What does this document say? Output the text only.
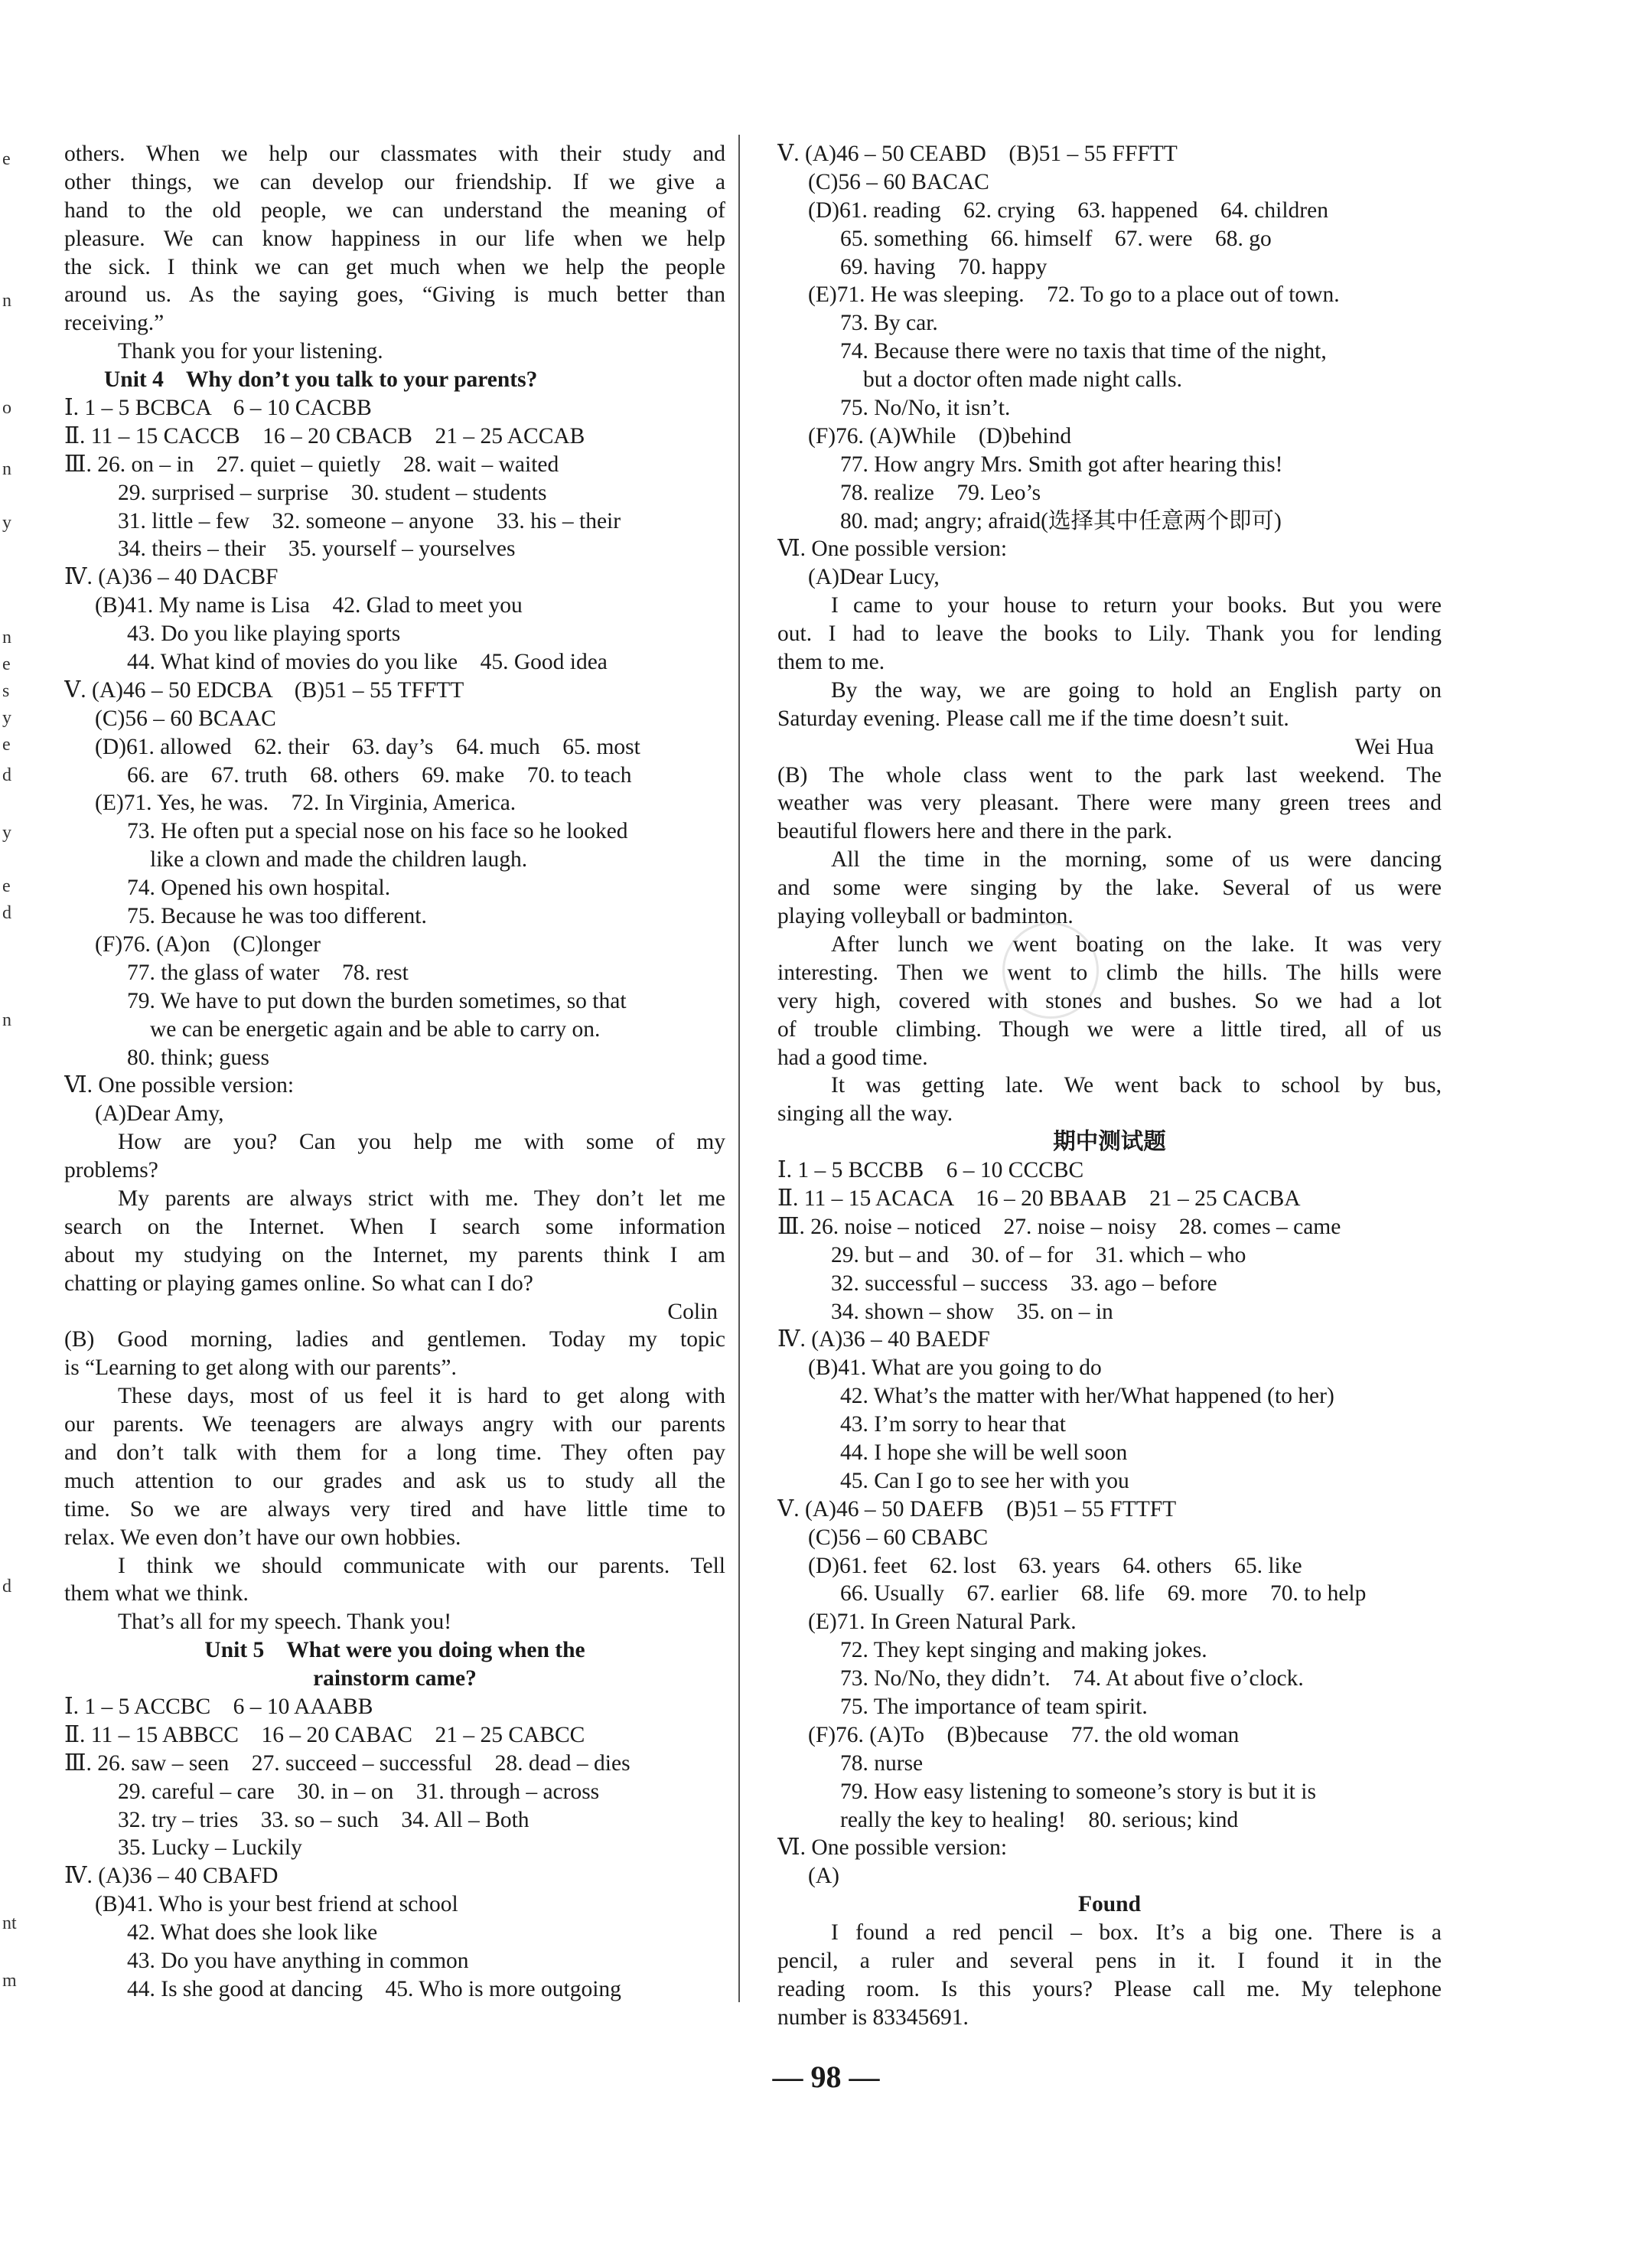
e
n
o
n
y
n
e
s
y
e
d
y
e
d
n
d
nt
m
others. When we help our classmates with their study and
other things, we can develop our friendship. If we give a
hand to the old people, we can understand the meaning of
pleasure. We can know happiness in our life when we help
the sick. I think we can get much when we help the people
around us. As the saying goes, “Giving is much better than
receiving.”
Thank you for your listening.
Unit 4    Why don’t you talk to your parents?
Ⅰ. 1 – 5 BCBCA    6 – 10 CACBB
Ⅱ. 11 – 15 CACCB    16 – 20 CBACB    21 – 25 ACCAB
Ⅲ. 26. on – in    27. quiet – quietly    28. wait – waited
29. surprised – surprise    30. student – students
31. little – few    32. someone – anyone    33. his – their
34. theirs – their    35. yourself – yourselves
Ⅳ. (A)36 – 40 DACBF
(B)41. My name is Lisa    42. Glad to meet you
43. Do you like playing sports
44. What kind of movies do you like    45. Good idea
Ⅴ. (A)46 – 50 EDCBA    (B)51 – 55 TFFTT
(C)56 – 60 BCAAC
(D)61. allowed    62. their    63. day’s    64. much    65. most
66. are    67. truth    68. others    69. make    70. to teach
(E)71. Yes, he was.    72. In Virginia, America.
73. He often put a special nose on his face so he looked
like a clown and made the children laugh.
74. Opened his own hospital.
75. Because he was too different.
(F)76. (A)on    (C)longer
77. the glass of water    78. rest
79. We have to put down the burden sometimes, so that
we can be energetic again and be able to carry on.
80. think; guess
Ⅵ. One possible version:
(A)Dear Amy,
How are you? Can you help me with some of my
problems?
My parents are always strict with me. They don’t let me
search on the Internet. When I search some information
about my studying on the Internet, my parents think I am
chatting or playing games online. So what can I do?
Colin
(B) Good morning, ladies and gentlemen. Today my topic
is “Learning to get along with our parents”.
These days, most of us feel it is hard to get along with
our parents. We teenagers are always angry with our parents
and don’t talk with them for a long time. They often pay
much attention to our grades and ask us to study all the
time. So we are always very tired and have little time to
relax. We even don’t have our own hobbies.
I think we should communicate with our parents. Tell
them what we think.
That’s all for my speech. Thank you!
Unit 5    What were you doing when the
rainstorm came?
Ⅰ. 1 – 5 ACCBC    6 – 10 AAABB
Ⅱ. 11 – 15 ABBCC    16 – 20 CABAC    21 – 25 CABCC
Ⅲ. 26. saw – seen    27. succeed – successful    28. dead – dies
29. careful – care    30. in – on    31. through – across
32. try – tries    33. so – such    34. All – Both
35. Lucky – Luckily
Ⅳ. (A)36 – 40 CBAFD
(B)41. Who is your best friend at school
42. What does she look like
43. Do you have anything in common
44. Is she good at dancing    45. Who is more outgoing
Ⅴ. (A)46 – 50 CEABD    (B)51 – 55 FFFTT
(C)56 – 60 BACAC
(D)61. reading    62. crying    63. happened    64. children
65. something    66. himself    67. were    68. go
69. having    70. happy
(E)71. He was sleeping.    72. To go to a place out of town.
73. By car.
74. Because there were no taxis that time of the night,
but a doctor often made night calls.
75. No/No, it isn’t.
(F)76. (A)While    (D)behind
77. How angry Mrs. Smith got after hearing this!
78. realize    79. Leo’s
80. mad; angry; afraid(选择其中任意两个即可)
Ⅵ. One possible version:
(A)Dear Lucy,
I came to your house to return your books. But you were
out. I had to leave the books to Lily. Thank you for lending
them to me.
By the way, we are going to hold an English party on
Saturday evening. Please call me if the time doesn’t suit.
Wei Hua
(B) The whole class went to the park last weekend. The
weather was very pleasant. There were many green trees and
beautiful flowers here and there in the park.
All the time in the morning, some of us were dancing
and some were singing by the lake. Several of us were
playing volleyball or badminton.
After lunch we went boating on the lake. It was very
interesting. Then we went to climb the hills. The hills were
very high, covered with stones and bushes. So we had a lot
of trouble climbing. Though we were a little tired, all of us
had a good time.
It was getting late. We went back to school by bus,
singing all the way.
期中测试题
Ⅰ. 1 – 5 BCCBB    6 – 10 CCCBC
Ⅱ. 11 – 15 ACACA    16 – 20 BBAAB    21 – 25 CACBA
Ⅲ. 26. noise – noticed    27. noise – noisy    28. comes – came
29. but – and    30. of – for    31. which – who
32. successful – success    33. ago – before
34. shown – show    35. on – in
Ⅳ. (A)36 – 40 BAEDF
(B)41. What are you going to do
42. What’s the matter with her/What happened (to her)
43. I’m sorry to hear that
44. I hope she will be well soon
45. Can I go to see her with you
Ⅴ. (A)46 – 50 DAEFB    (B)51 – 55 FTTFT
(C)56 – 60 CBABC
(D)61. feet    62. lost    63. years    64. others    65. like
66. Usually    67. earlier    68. life    69. more    70. to help
(E)71. In Green Natural Park.
72. They kept singing and making jokes.
73. No/No, they didn’t.    74. At about five o’clock.
75. The importance of team spirit.
(F)76. (A)To    (B)because    77. the old woman
78. nurse
79. How easy listening to someone’s story is but it is
really the key to healing!    80. serious; kind
Ⅵ. One possible version:
(A)
Found
I found a red pencil – box. It’s a big one. There is a
pencil, a ruler and several pens in it. I found it in the
reading room. Is this yours? Please call me. My telephone
number is 83345691.
— 98 —
